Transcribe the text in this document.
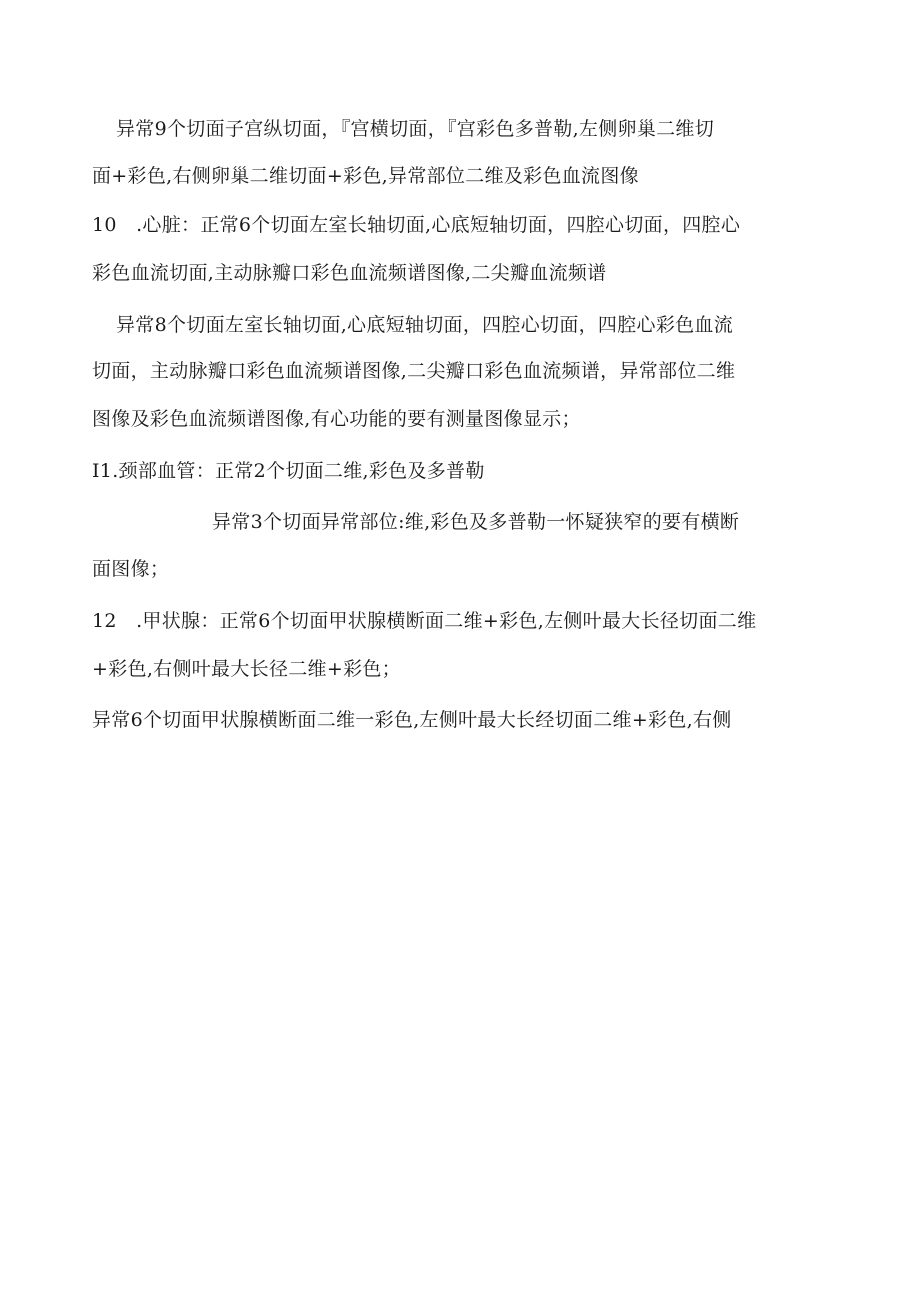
异常9个切面子宫纵切面，『宫横切面，『宫彩色多普勒,左侧卵巢二维切
面+彩色,右侧卵巢二维切面+彩色,异常部位二维及彩色血流图像
10　.心脏：正常6个切面左室长轴切面,心底短轴切面，四腔心切面，四腔心
彩色血流切面,主动脉瓣口彩色血流频谱图像,二尖瓣血流频谱
异常8个切面左室长轴切面,心底短轴切面，四腔心切面，四腔心彩色血流
切面，主动脉瓣口彩色血流频谱图像,二尖瓣口彩色血流频谱，异常部位二维
图像及彩色血流频谱图像,有心功能的要有测量图像显示；
I1.颈部血管：正常2个切面二维,彩色及多普勒
异常3个切面异常部位:维,彩色及多普勒一怀疑狭窄的要有横断
面图像；
12　.甲状腺：正常6个切面甲状腺横断面二维+彩色,左侧叶最大长径切面二维
+彩色,右侧叶最大长径二维+彩色；
异常6个切面甲状腺横断面二维一彩色,左侧叶最大长经切面二维+彩色,右侧
